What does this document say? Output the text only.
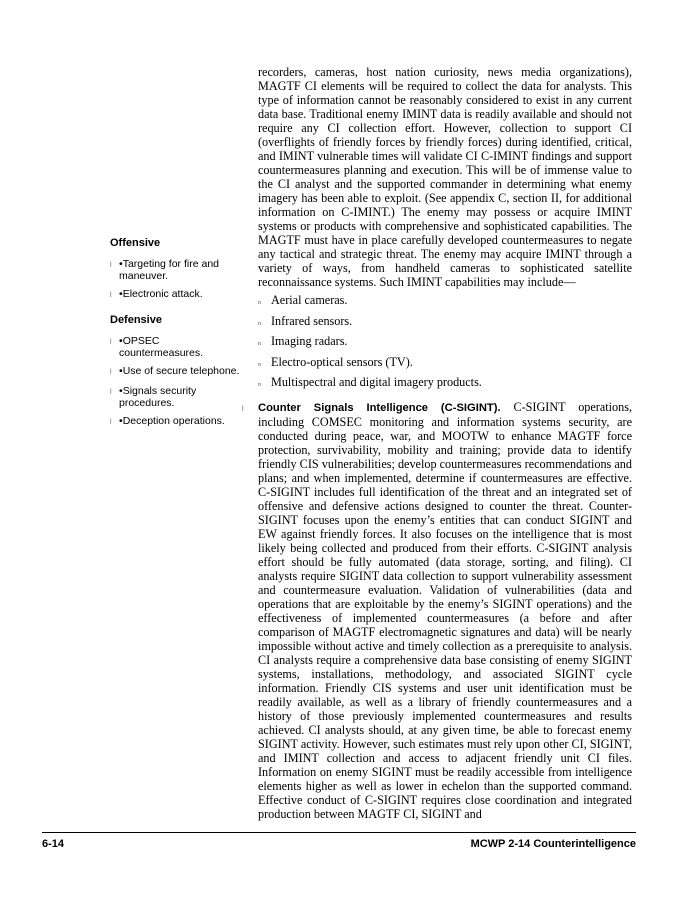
Offensive
l •Targeting for fire and maneuver.
l •Electronic attack.
Defensive
l •OPSEC countermeasures.
l •Use of secure telephone.
l •Signals security procedures.
l •Deception operations.

recorders, cameras, host nation curiosity, news media organizations), MAGTF CI elements will be required to collect the data for analysts. This type of information cannot be reasonably considered to exist in any current data base. Traditional enemy IMINT data is readily available and should not require any CI collection effort. However, collection to support CI (overflights of friendly forces by friendly forces) during identified, critical, and IMINT vulnerable times will validate CI C-IMINT findings and support countermeasures planning and execution. This will be of immense value to the CI analyst and the supported commander in determining what enemy imagery has been able to exploit. (See appendix C, section II, for additional information on C-IMINT.) The enemy may possess or acquire IMINT systems or products with comprehensive and sophisticated capabilities. The MAGTF must have in place carefully developed countermeasures to negate any tactical and strategic threat. The enemy may acquire IMINT through a variety of ways, from handheld cameras to sophisticated satellite reconnaissance systems. Such IMINT capabilities may include—

n Aerial cameras.
n Infrared sensors.
n Imaging radars.
n Electro-optical sensors (TV).
n Multispectral and digital imagery products.

l Counter Signals Intelligence (C-SIGINT). C-SIGINT operations, including COMSEC monitoring and information systems security, are conducted during peace, war, and MOOTW to enhance MAGTF force protection, survivability, mobility and training; provide data to identify friendly CIS vulnerabilities; develop countermeasures recommendations and plans; and when implemented, determine if countermeasures are effective. C-SIGINT includes full identification of the threat and an integrated set of offensive and defensive actions designed to counter the threat. Counter-SIGINT focuses upon the enemy’s entities that can conduct SIGINT and EW against friendly forces. It also focuses on the intelligence that is most likely being collected and produced from their efforts. C-SIGINT analysis effort should be fully automated (data storage, sorting, and filing). CI analysts require SIGINT data collection to support vulnerability assessment and countermeasure evaluation. Validation of vulnerabilities (data and operations that are exploitable by the enemy’s SIGINT operations) and the effectiveness of implemented countermeasures (a before and after comparison of MAGTF electromagnetic signatures and data) will be nearly impossible without active and timely collection as a prerequisite to analysis. CI analysts require a comprehensive data base consisting of enemy SIGINT systems, installations, methodology, and associated SIGINT cycle information. Friendly CIS systems and user unit identification must be readily available, as well as a library of friendly countermeasures and a history of those previously implemented countermeasures and results achieved. CI analysts should, at any given time, be able to forecast enemy SIGINT activity. However, such estimates must rely upon other CI, SIGINT, and IMINT collection and access to adjacent friendly unit CI files. Information on enemy SIGINT must be readily accessible from intelligence elements higher as well as lower in echelon than the supported command. Effective conduct of C-SIGINT requires close coordination and integrated production between MAGTF CI, SIGINT and

6-14	MCWP 2-14 Counterintelligence
